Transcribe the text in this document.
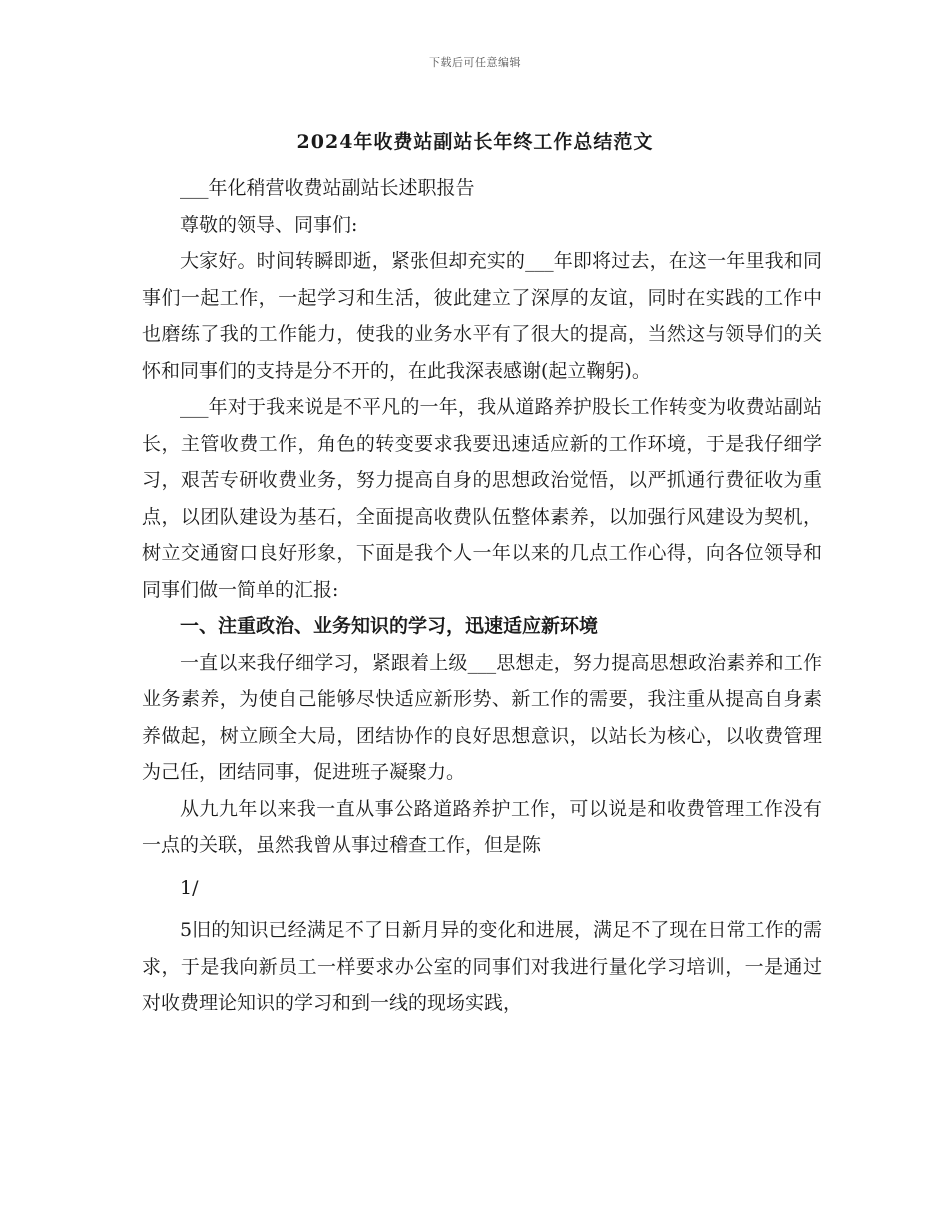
下载后可任意编辑
2024年收费站副站长年终工作总结范文

___年化稍营收费站副站长述职报告

尊敬的领导、同事们:

大家好。时间转瞬即逝，紧张但却充实的___年即将过去，在这一年里我和同事们一起工作，一起学习和生活，彼此建立了深厚的友谊，同时在实践的工作中也磨练了我的工作能力，使我的业务水平有了很大的提高，当然这与领导们的关怀和同事们的支持是分不开的，在此我深表感谢(起立鞠躬)。

___年对于我来说是不平凡的一年，我从道路养护股长工作转变为收费站副站长，主管收费工作，角色的转变要求我要迅速适应新的工作环境，于是我仔细学习，艰苦专研收费业务，努力提高自身的思想政治觉悟，以严抓通行费征收为重点，以团队建设为基石，全面提高收费队伍整体素养，以加强行风建设为契机，树立交通窗口良好形象，下面是我个人一年以来的几点工作心得，向各位领导和同事们做一简单的汇报:

一、注重政治、业务知识的学习，迅速适应新环境

一直以来我仔细学习，紧跟着上级___思想走，努力提高思想政治素养和工作业务素养，为使自己能够尽快适应新形势、新工作的需要，我注重从提高自身素养做起，树立顾全大局，团结协作的良好思想意识，以站长为核心，以收费管理为己任，团结同事，促进班子凝聚力。

从九九年以来我一直从事公路道路养护工作，可以说是和收费管理工作没有一点的关联，虽然我曾从事过稽查工作，但是陈

1/

5旧的知识已经满足不了日新月异的变化和进展，满足不了现在日常工作的需求，于是我向新员工一样要求办公室的同事们对我进行量化学习培训，一是通过对收费理论知识的学习和到一线的现场实践，
